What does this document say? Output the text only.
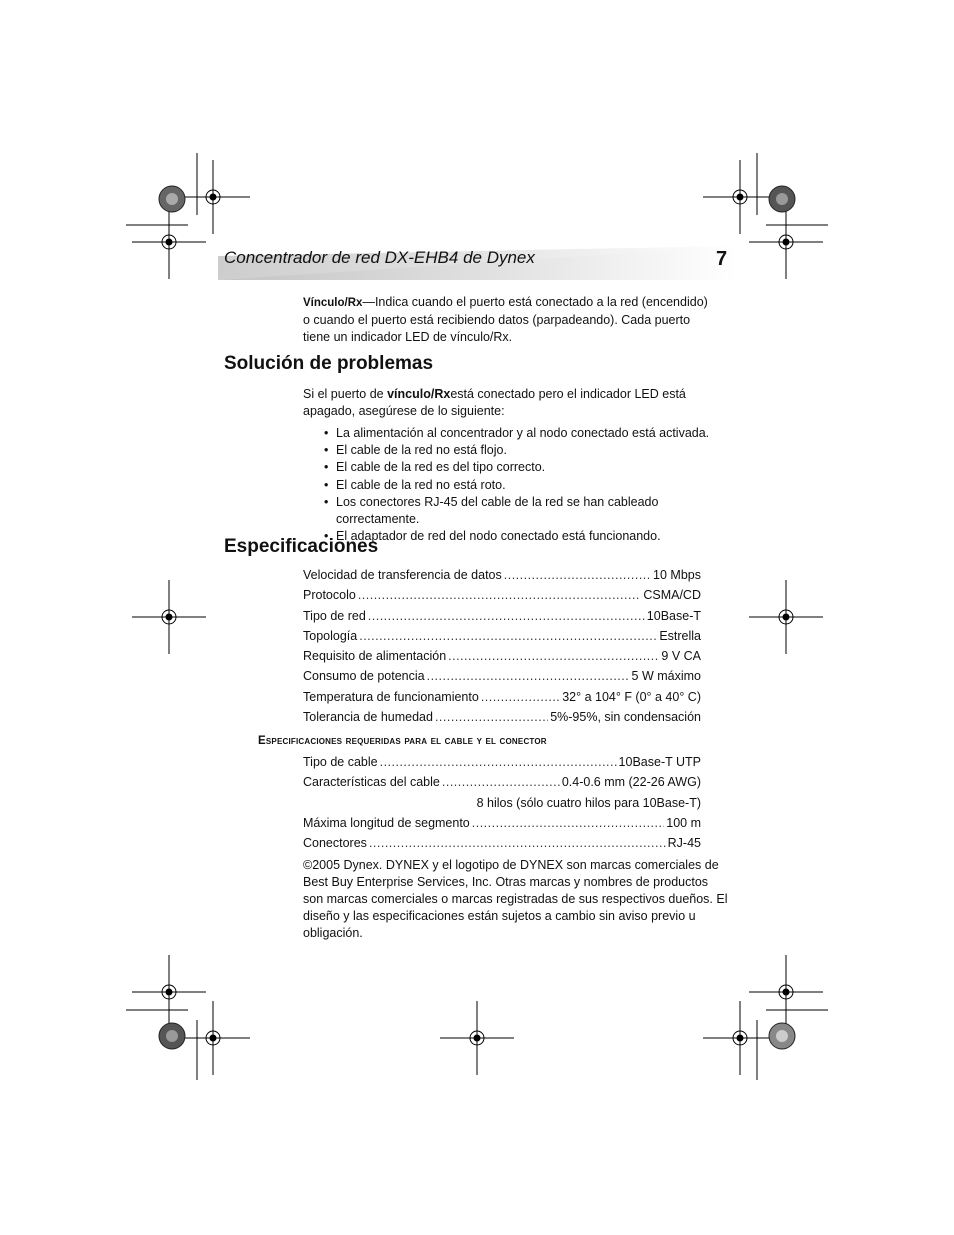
Concentrador de red DX-EHB4 de Dynex	7
Vínculo/Rx—Indica cuando el puerto está conectado a la red (encendido) o cuando el puerto está recibiendo datos (parpadeando). Cada puerto tiene un indicador LED de vínculo/Rx.
Solución de problemas
Si el puerto de vínculo/Rxestá conectado pero el indicador LED está apagado, asegúrese de lo siguiente:
• La alimentación al concentrador y al nodo conectado está activada.
• El cable de la red no está flojo.
• El cable de la red es del tipo correcto.
• El cable de la red no está roto.
• Los conectores RJ-45 del cable de la red se han cableado correctamente.
• El adaptador de red del nodo conectado está funcionando.
Especificaciones
Velocidad de transferencia de datos .....	10 Mbps
Protocolo .....	CSMA/CD
Tipo de red .....	10Base-T
Topología .....	Estrella
Requisito de alimentación .....	9 V CA
Consumo de potencia .....	5 W máximo
Temperatura de funcionamiento .....	32° a 104° F (0° a 40° C)
Tolerancia de humedad .....	5%-95%, sin condensación
Especificaciones requeridas para el cable y el conector
Tipo de cable .....	10Base-T UTP
Características del cable .....	0.4-0.6 mm (22-26 AWG)
8 hilos (sólo cuatro hilos para 10Base-T)
Máxima longitud de segmento .....	100 m
Conectores .....	RJ-45
©2005 Dynex. DYNEX y el logotipo de DYNEX son marcas comerciales de Best Buy Enterprise Services, Inc. Otras marcas y nombres de productos son marcas comerciales o marcas registradas de sus respectivos dueños. El diseño y las especificaciones están sujetos a cambio sin aviso previo u obligación.
